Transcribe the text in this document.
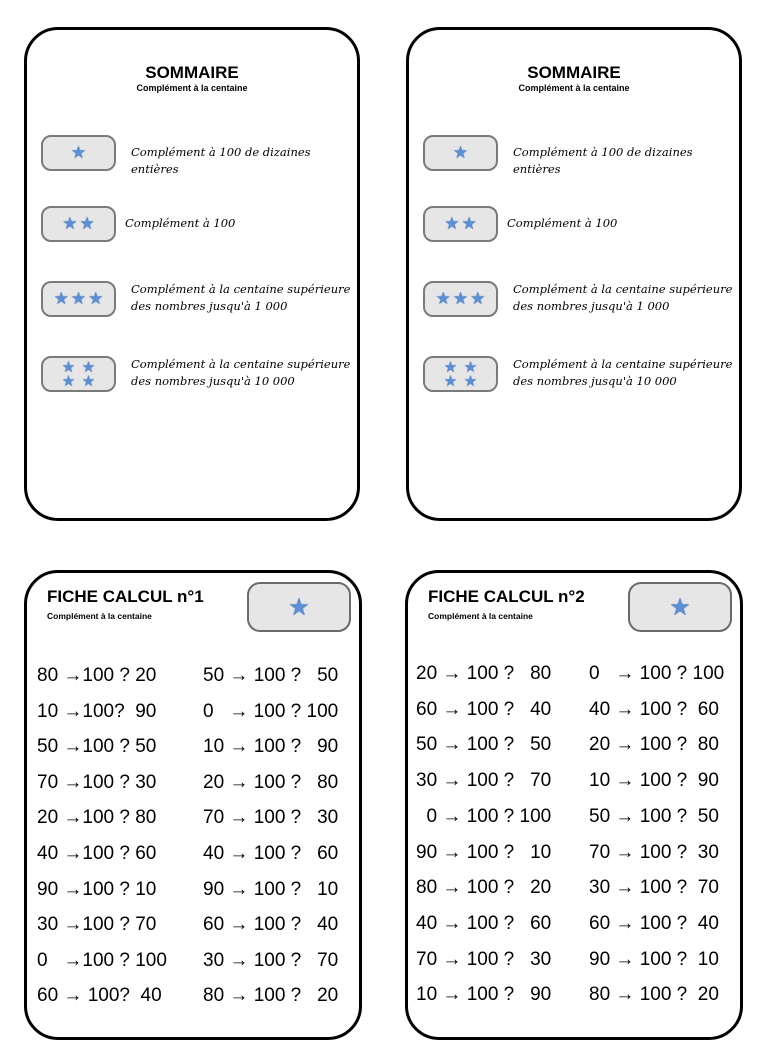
SOMMAIRE
Complément à la centaine
★	Complément à 100 de dizaines entières
★ ★	Complément à 100
★ ★ ★ Complément à la centaine supérieure des nombres jusqu'à 1 000
★ ★
★ ★
Complément à la centaine supérieure des nombres jusqu'à 10 000
SOMMAIRE
Complément à la centaine
★	Complément à 100 de dizaines entières
★ ★	Complément à 100
★ ★ ★ Complément à la centaine supérieure des nombres jusqu'à 1 000
★ ★
★ ★
Complément à la centaine supérieure des nombres jusqu'à 10 000
FICHE CALCUL n°1
Complément à la centaine	★
80 →100 ? 20
10 →100?  90
50 →100 ? 50
70 →100 ? 30
20 →100 ? 80
40 →100 ? 60
90 →100 ? 10
30 →100 ? 70
0   →100 ? 100
60 → 100?  40
50 → 100 ?   50
0   → 100 ? 100
10 → 100 ?   90
20 → 100 ?   80
70 → 100 ?   30
40 → 100 ?   60
90 → 100 ?   10
60 → 100 ?   40
30 → 100 ?   70
80 → 100 ?   20
FICHE CALCUL n°2
Complément à la centaine	★
20 → 100 ?   80
60 → 100 ?   40
50 → 100 ?   50
30 → 100 ?   70
0 → 100 ? 100
90 → 100 ?   10
80 → 100 ?   20
40 → 100 ?   60
70 → 100 ?   30
10 → 100 ?   90
0   → 100 ? 100
40 → 100 ?  60
20 → 100 ?  80
10 → 100 ?  90
50 → 100 ?  50
70 → 100 ?  30
30 → 100 ?  70
60 → 100 ?  40
90 → 100 ?  10
80 → 100 ?  20
